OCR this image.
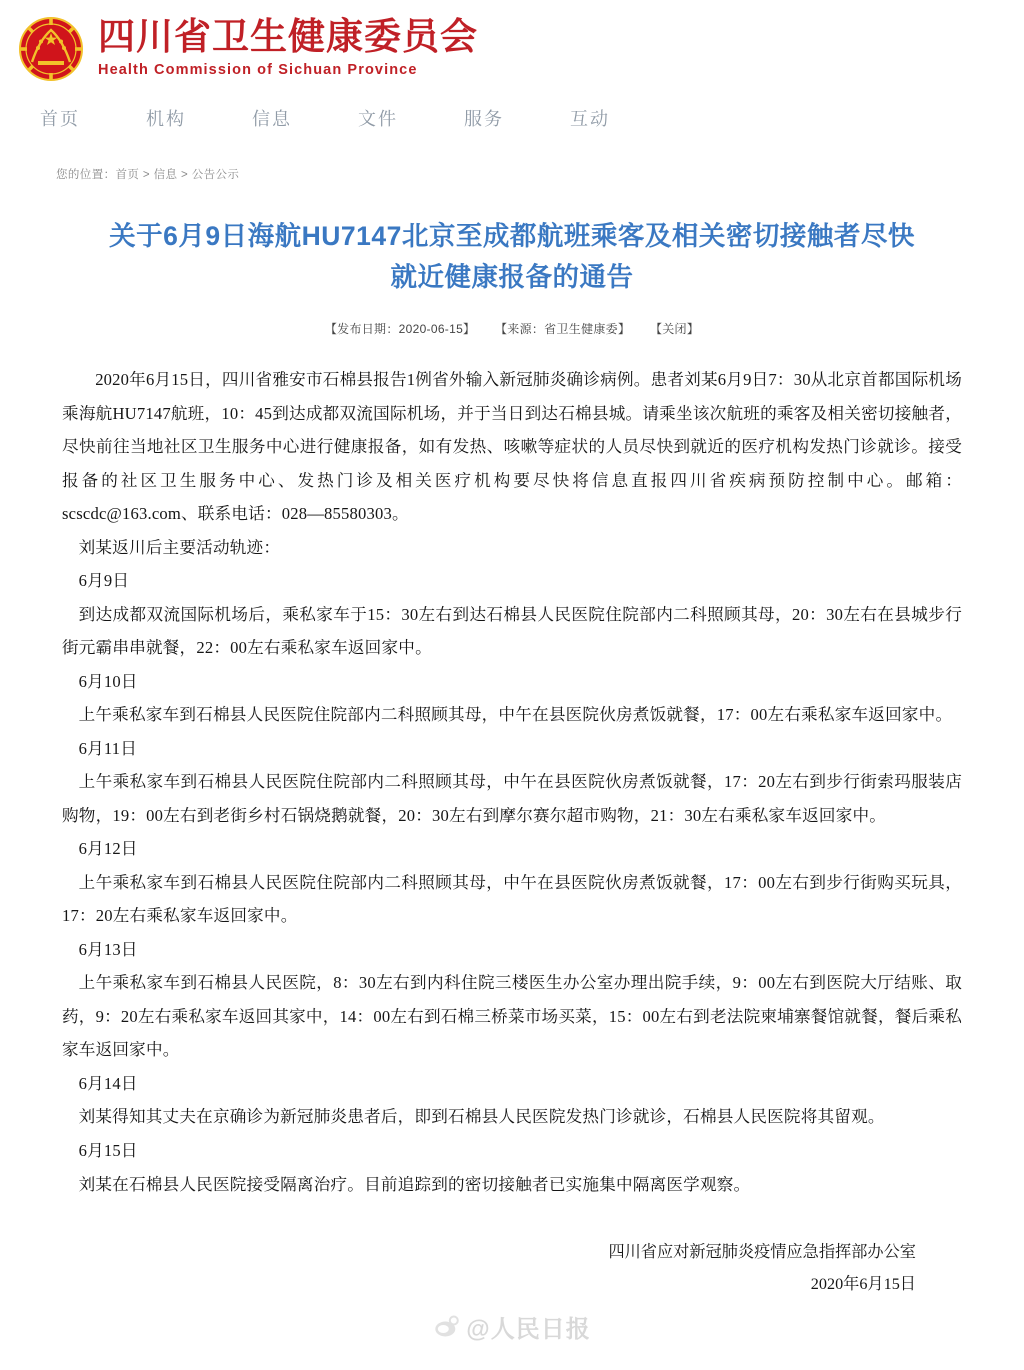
四川省卫生健康委员会
Health Commission of Sichuan Province
首页	机构	信息	文件	服务	互动
您的位置：首页 > 信息 > 公告公示
关于6月9日海航HU7147北京至成都航班乘客及相关密切接触者尽快就近健康报备的通告
【发布日期：2020-06-15】 【来源：省卫生健康委】 【关闭】

2020年6月15日，四川省雅安市石棉县报告1例省外输入新冠肺炎确诊病例。患者刘某6月9日7：30从北京首都国际机场乘海航HU7147航班，10：45到达成都双流国际机场，并于当日到达石棉县城。请乘坐该次航班的乘客及相关密切接触者，尽快前往当地社区卫生服务中心进行健康报备，如有发热、咳嗽等症状的人员尽快到就近的医疗机构发热门诊就诊。接受报备的社区卫生服务中心、发热门诊及相关医疗机构要尽快将信息直报四川省疾病预防控制中心。邮箱：scscdc@163.com、联系电话：028—85580303。

刘某返川后主要活动轨迹：

6月9日

到达成都双流国际机场后，乘私家车于15：30左右到达石棉县人民医院住院部内二科照顾其母，20：30左右在县城步行街元霸串串就餐，22：00左右乘私家车返回家中。

6月10日

上午乘私家车到石棉县人民医院住院部内二科照顾其母，中午在县医院伙房煮饭就餐，17：00左右乘私家车返回家中。

6月11日

上午乘私家车到石棉县人民医院住院部内二科照顾其母，中午在县医院伙房煮饭就餐，17：20左右到步行街索玛服装店购物，19：00左右到老街乡村石锅烧鹅就餐，20：30左右到摩尔赛尔超市购物，21：30左右乘私家车返回家中。

6月12日

上午乘私家车到石棉县人民医院住院部内二科照顾其母，中午在县医院伙房煮饭就餐，17：00左右到步行街购买玩具，17：20左右乘私家车返回家中。

6月13日

上午乘私家车到石棉县人民医院，8：30左右到内科住院三楼医生办公室办理出院手续，9：00左右到医院大厅结账、取药，9：20左右乘私家车返回其家中，14：00左右到石棉三桥菜市场买菜，15：00左右到老法院柬埔寨餐馆就餐，餐后乘私家车返回家中。

6月14日

刘某得知其丈夫在京确诊为新冠肺炎患者后，即到石棉县人民医院发热门诊就诊，石棉县人民医院将其留观。

6月15日

刘某在石棉县人民医院接受隔离治疗。目前追踪到的密切接触者已实施集中隔离医学观察。

四川省应对新冠肺炎疫情应急指挥部办公室
2020年6月15日
@人民日报
